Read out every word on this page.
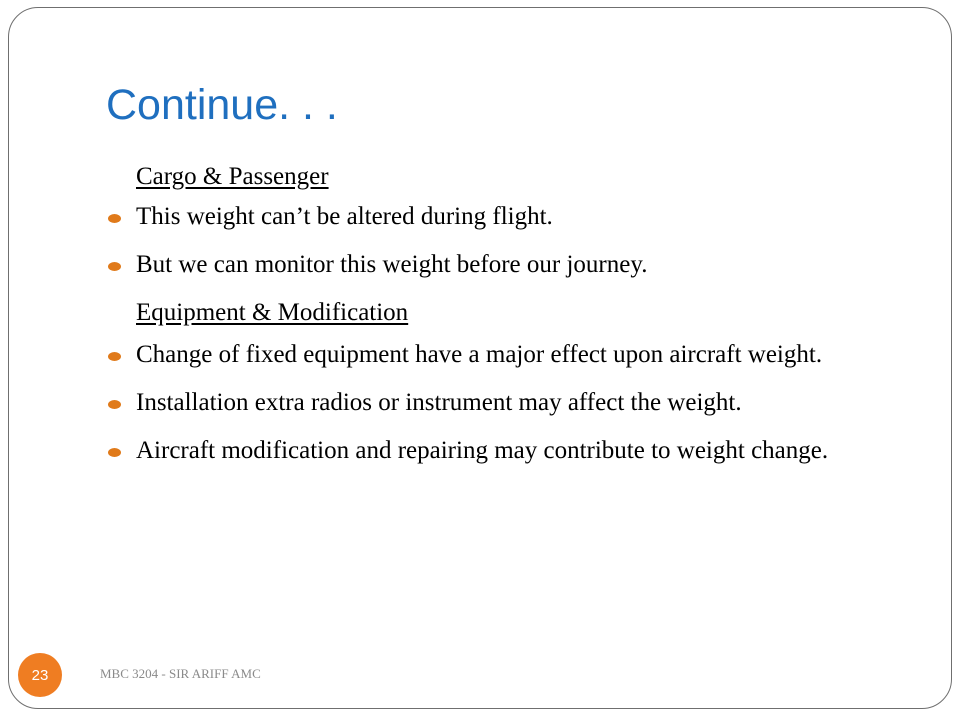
Continue. . .
Cargo & Passenger
This weight can’t be altered during flight.
But we can monitor this weight before our journey.
Equipment & Modification
Change of fixed equipment have a major effect upon aircraft weight.
Installation extra radios or instrument may affect the weight.
Aircraft modification and repairing may contribute to weight change.
23	MBC 3204 - SIR ARIFF AMC
